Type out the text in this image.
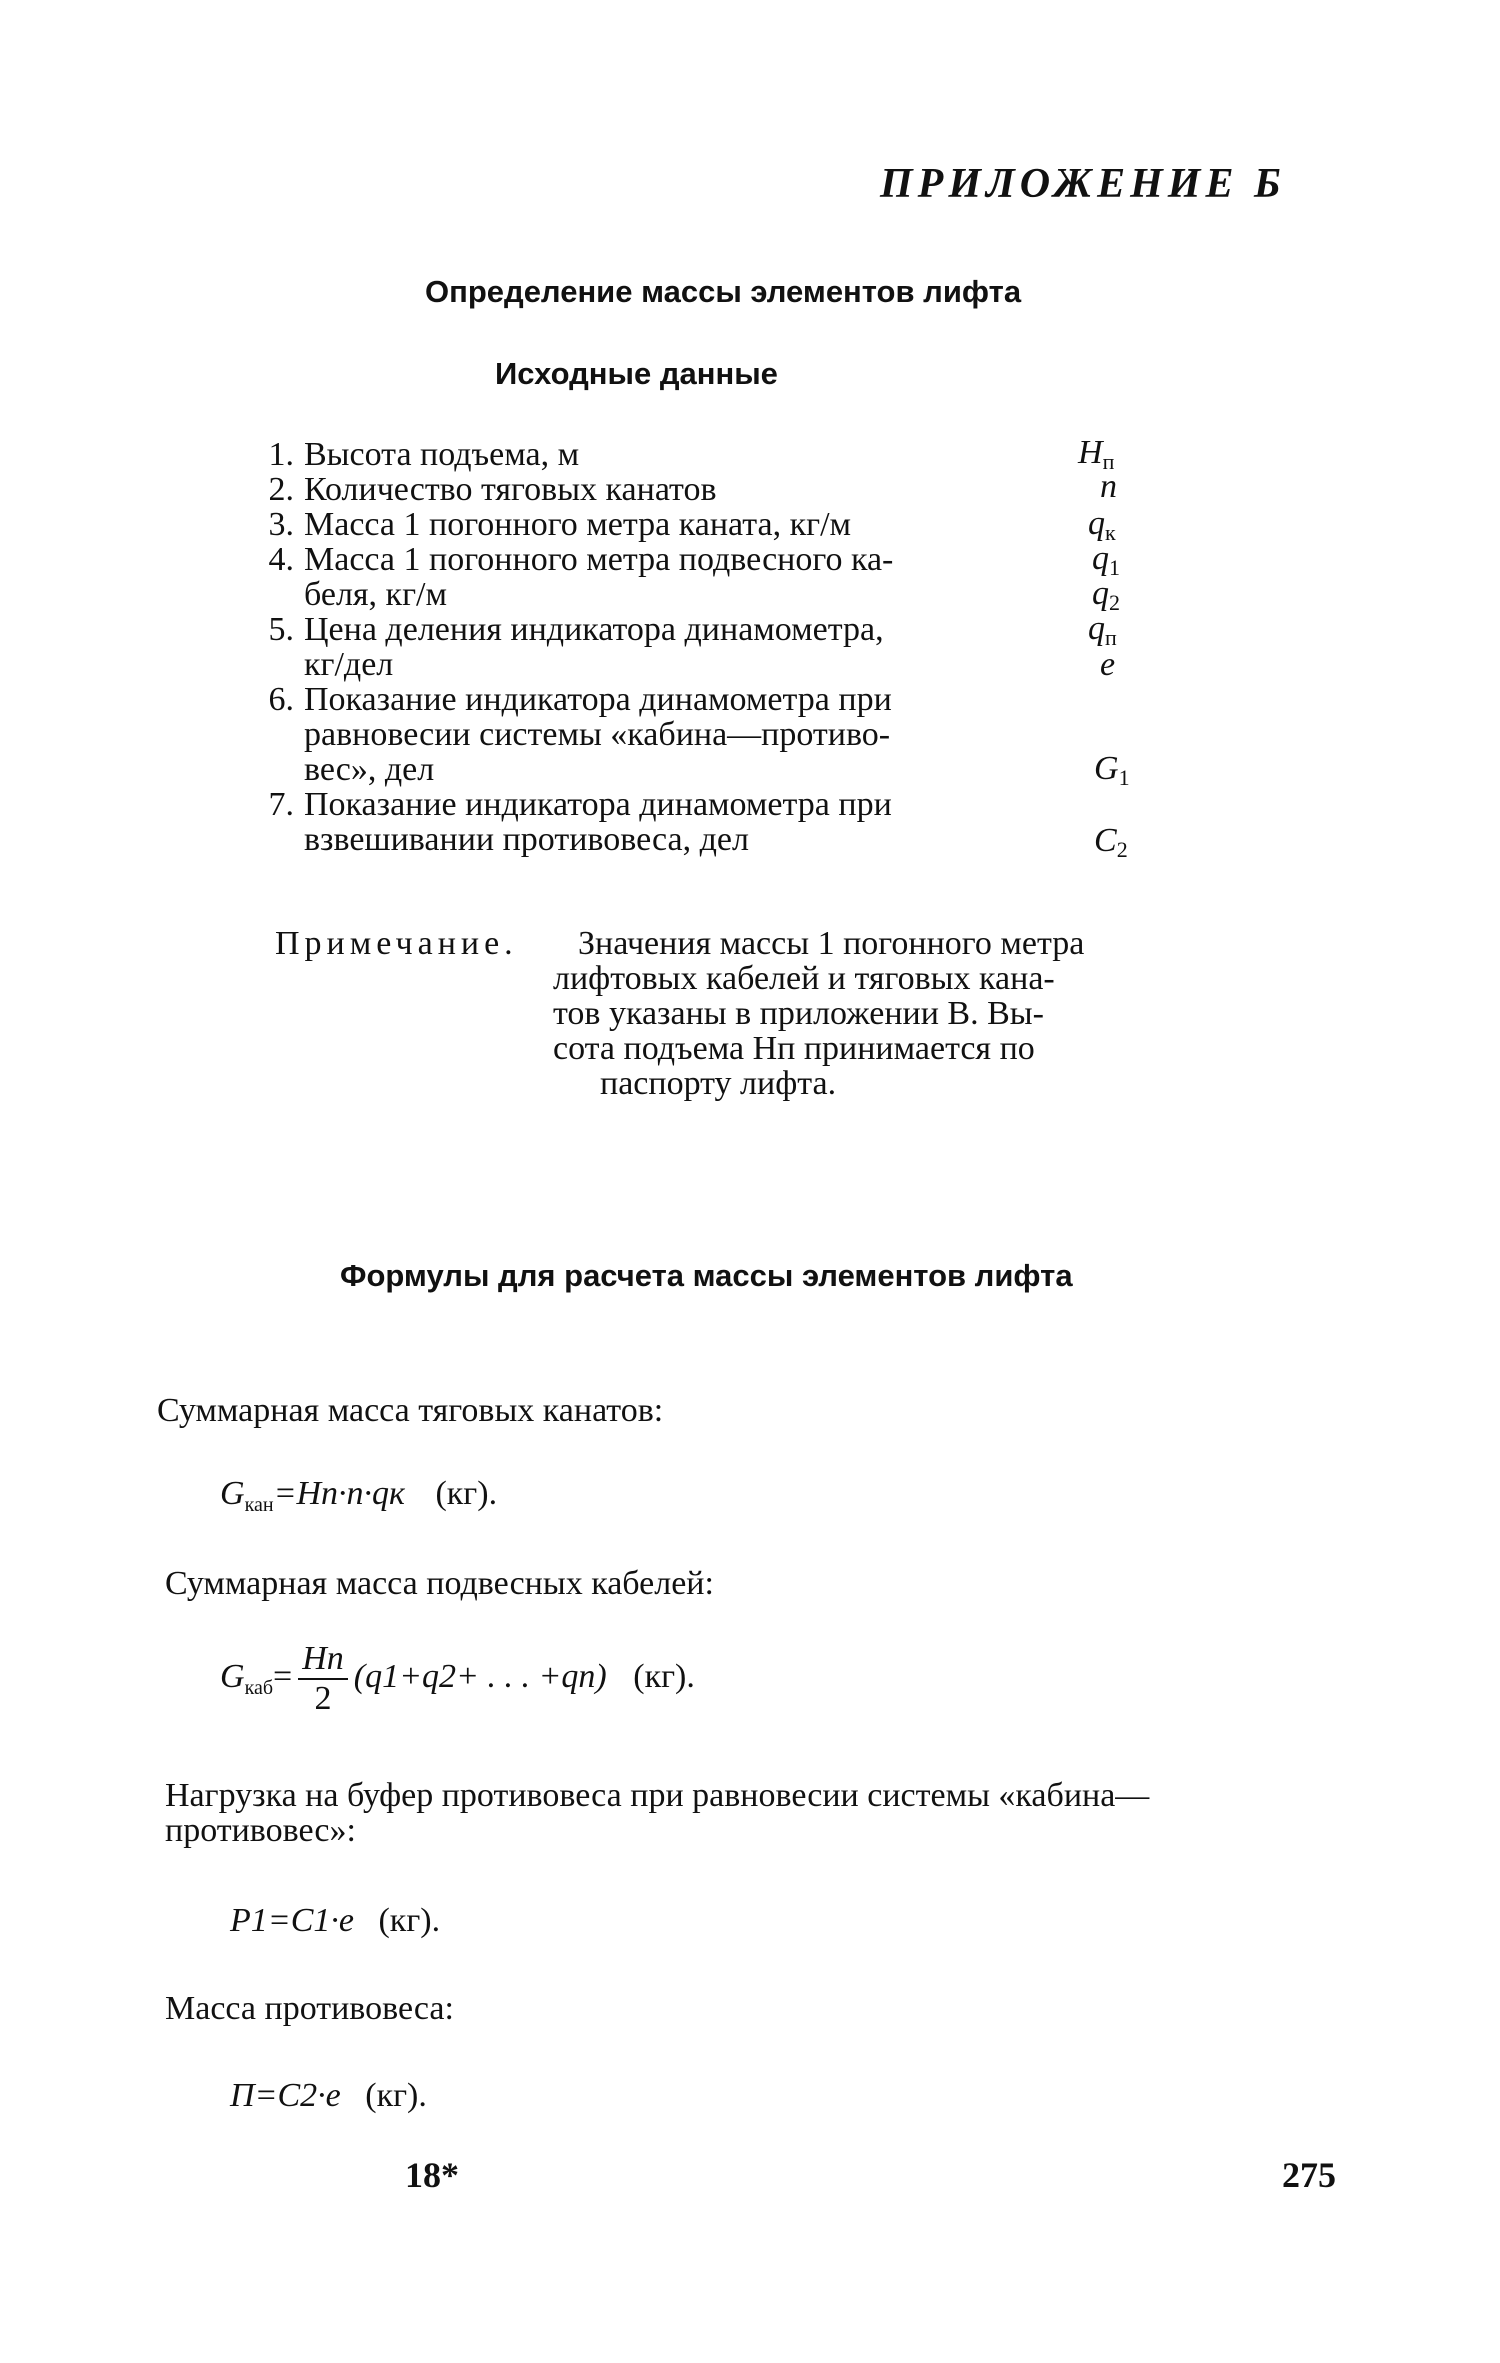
ПРИЛОЖЕНИЕ Б
Определение массы элементов лифта
Исходные данные
1. Высота подъема, м
2. Количество тяговых канатов
3. Масса 1 погонного метра каната, кг/м
4. Масса 1 погонного метра подвесного ка-
беля, кг/м
5. Цена деления индикатора динамометра,
кг/дел
6. Показание индикатора динамометра при
равновесии системы «кабина—противо-
вес», дел
7. Показание индикатора динамометра при
взвешивании противовеса, дел
$H_п$
n
$q_к$
$q_1$
$q_2$
$q_п$
e
$G_1$
$C_2$
Примечание. Значения массы 1 погонного метра
лифтовых кабелей и тяговых кана-
тов указаны в приложении В. Вы-
сота подъема Hп принимается по
паспорту лифта.
Формулы для расчета массы элементов лифта
Суммарная масса тяговых канатов:
$G_{кан}=Hп\cdot n\cdot qк$ (кг).
Суммарная масса подвесных кабелей:
$G_{каб}= \frac{Hп}{2} (q1+q2+$ . . . +qn) (кг).
Нагрузка на буфер противовеса при равновесии системы «кабина—
противовес»:
P1=C1·e (кг).
Масса противовеса:
П=C2·e (кг).
18*	275
